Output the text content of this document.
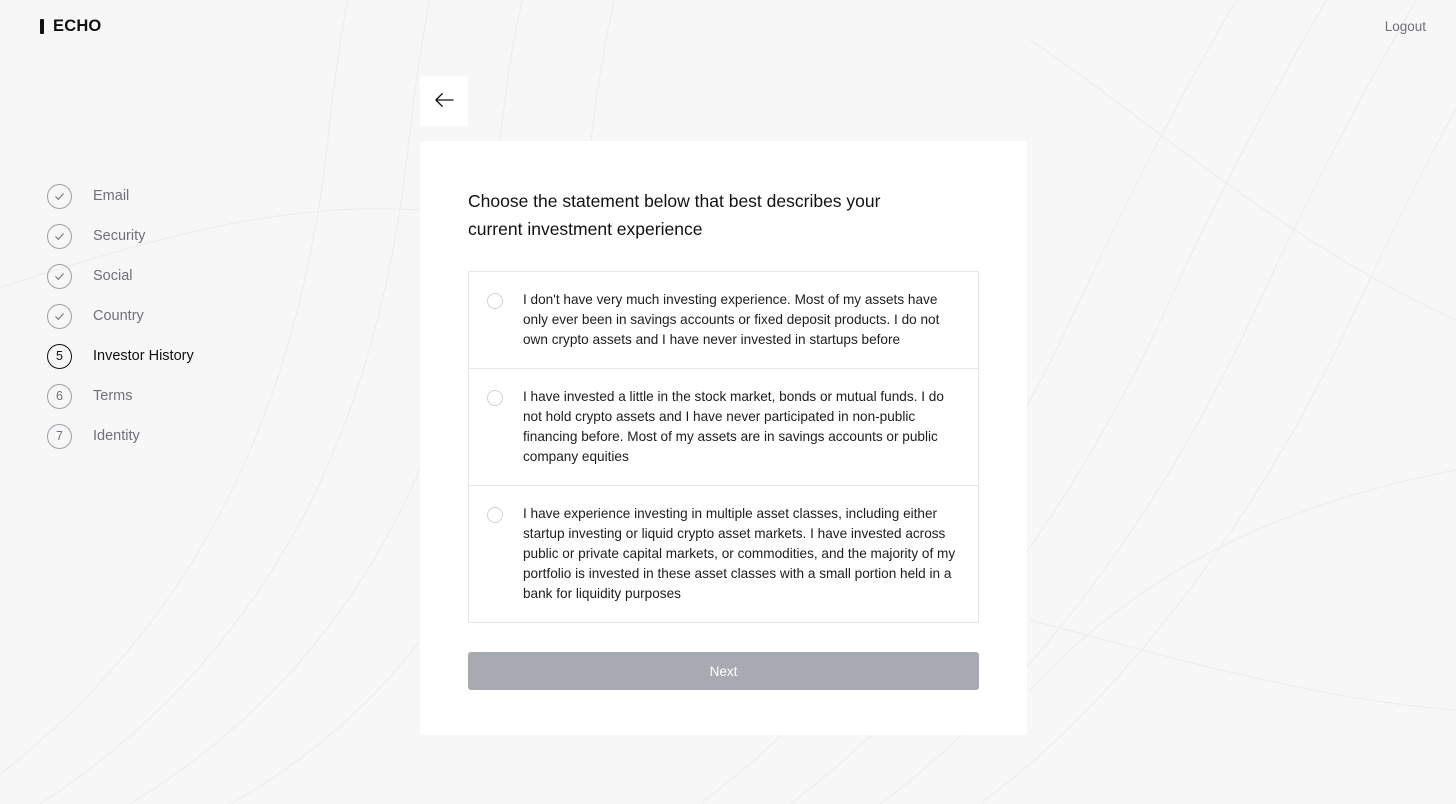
ECHO	Logout
Email
Security
Social
Country
5	Investor History
6	Terms
7	Identity
Choose the statement below that best describes your current investment experience
I don't have very much investing experience. Most of my assets have only ever been in savings accounts or fixed deposit products. I do not own crypto assets and I have never invested in startups before
I have invested a little in the stock market, bonds or mutual funds. I do not hold crypto assets and I have never participated in non-public financing before. Most of my assets are in savings accounts or public company equities
I have experience investing in multiple asset classes, including either startup investing or liquid crypto asset markets. I have invested across public or private capital markets, or commodities, and the majority of my portfolio is invested in these asset classes with a small portion held in a bank for liquidity purposes
Next
